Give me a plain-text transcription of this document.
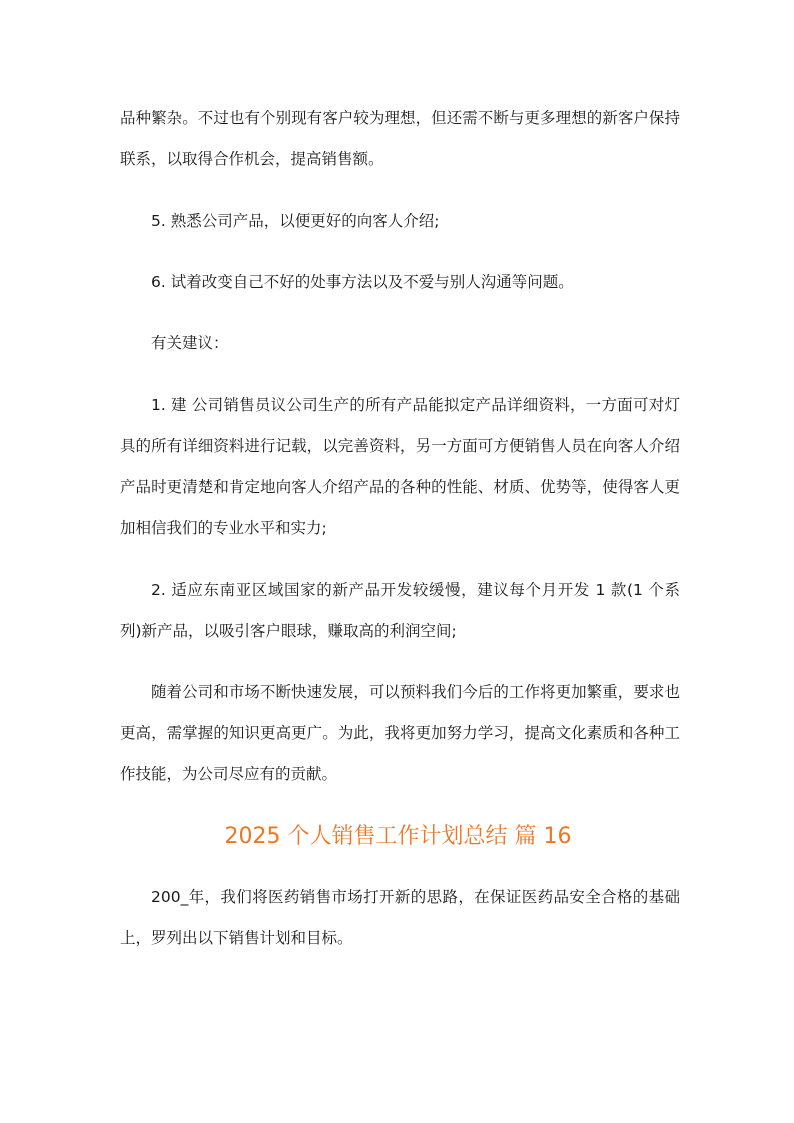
品种繁杂。不过也有个别现有客户较为理想，但还需不断与更多理想的新客户保持联系，以取得合作机会，提高销售额。

5. 熟悉公司产品，以便更好的向客人介绍;

6. 试着改变自己不好的处事方法以及不爱与别人沟通等问题。

有关建议：

1. 建 公司销售员议公司生产的所有产品能拟定产品详细资料，一方面可对灯具的所有详细资料进行记载，以完善资料，另一方面可方便销售人员在向客人介绍产品时更清楚和肯定地向客人介绍产品的各种的性能、材质、优势等，使得客人更加相信我们的专业水平和实力;

2. 适应东南亚区域国家的新产品开发较缓慢，建议每个月开发 1 款(1 个系列)新产品，以吸引客户眼球，赚取高的利润空间;

随着公司和市场不断快速发展，可以预料我们今后的工作将更加繁重，要求也更高，需掌握的知识更高更广。为此，我将更加努力学习，提高文化素质和各种工作技能，为公司尽应有的贡献。

2025 个人销售工作计划总结 篇 16

200_年，我们将医药销售市场打开新的思路，在保证医药品安全合格的基础上，罗列出以下销售计划和目标。
